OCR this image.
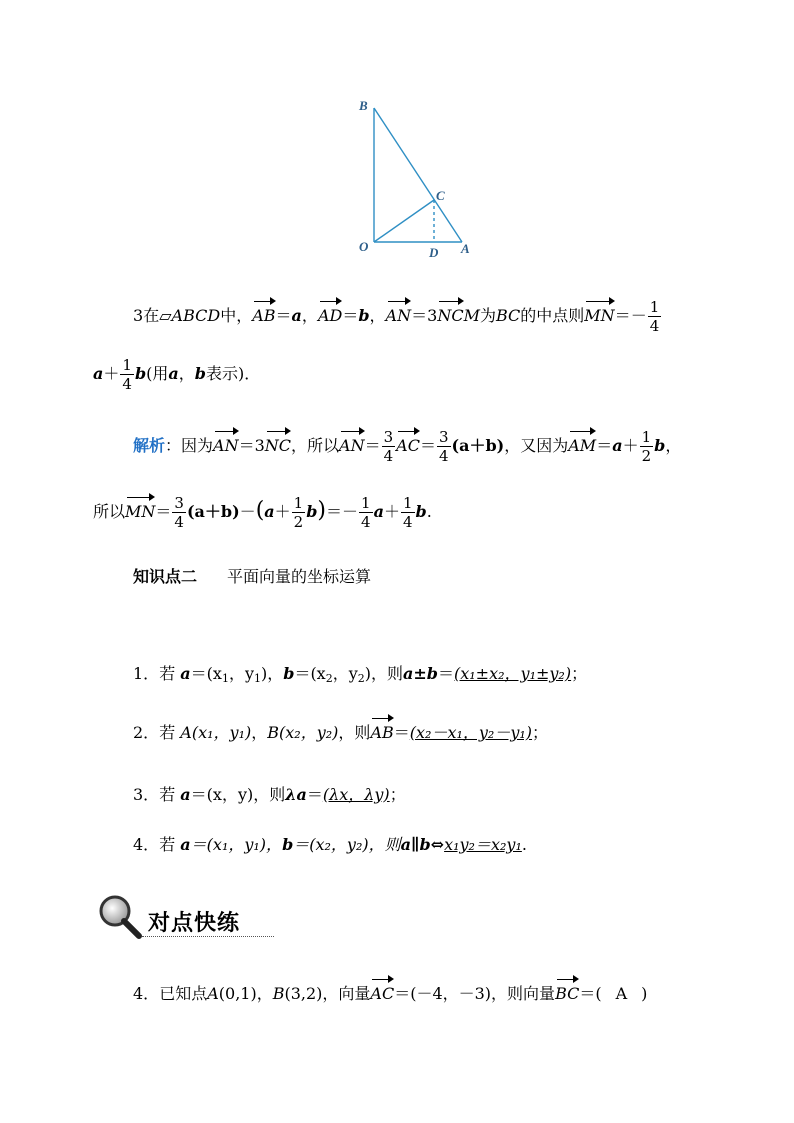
B
C
O	D A
3在▱ABCD中，AB＝a，AD＝b，AN＝3NCM为BC的中点则$MN=- \frac{1}{4}$
$a+ \frac{1}{4} b$(用a，b表示)．
解析：因为AN＝3NC，所以$AN= \frac{3}{4} AC= \frac{3}{4} (a+b)$，又因为$AM=a+ \frac{1}{2}$ b，
所以$MN= \frac{3}{4} (a+b)-(a+ \frac{1}{2} b)=- \frac{1}{4} a+ \frac{1}{4} b$.
知识点二 平面向量的坐标运算
1．若 $a=(x_1$，$y_1$)，$b=(x_2$，$y_2$)，则a±b＝(x₁±x₂，y₁±y₂)；
2．若 A(x₁，y₁)，B(x₂，y₂)，则AB＝(x₂－x₁，y₂－y₁)；
3．若 a＝(x，y)，则λa＝(λx，λy)；
4．若 a＝(x₁，y₁)，b＝(x₂，y₂)，则a∥b⇔x₁y₂＝x₂y₁.
对点快练
4．已知点A(0,1)，B(3,2)，向量AC＝(－4，－3)，则向量BC＝( A )
